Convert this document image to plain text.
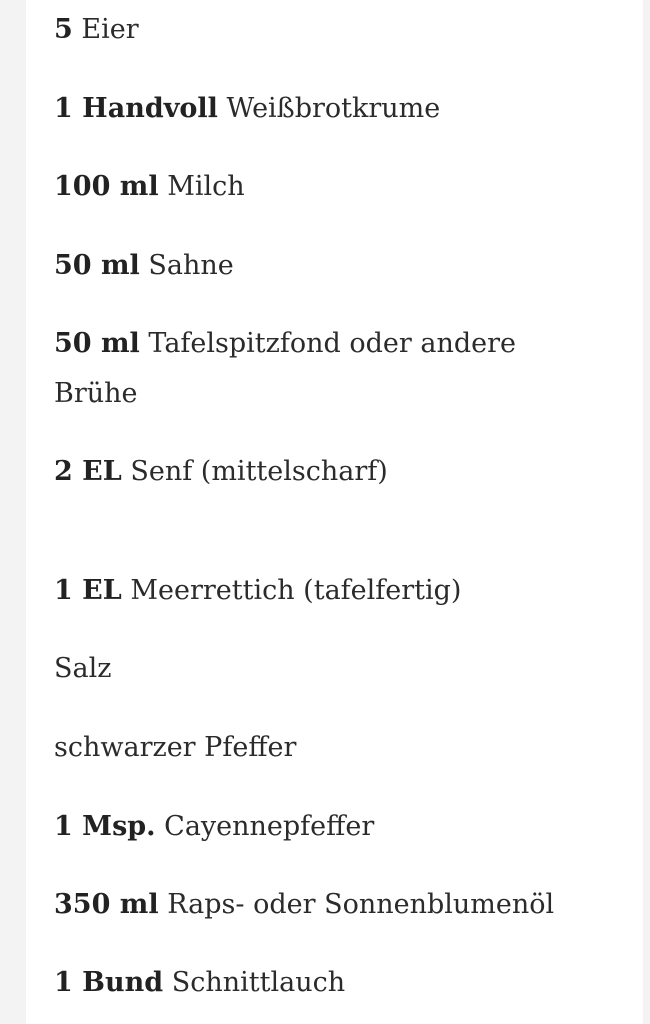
5 Eier

1 Handvoll Weißbrotkrume

100 ml Milch

50 ml Sahne

50 ml Tafelspitzfond oder andere Brühe

2 EL Senf (mittelscharf)

1 EL Meerrettich (tafelfertig)

Salz

schwarzer Pfeffer

1 Msp. Cayennepfeffer

350 ml Raps- oder Sonnenblumenöl

1 Bund Schnittlauch
